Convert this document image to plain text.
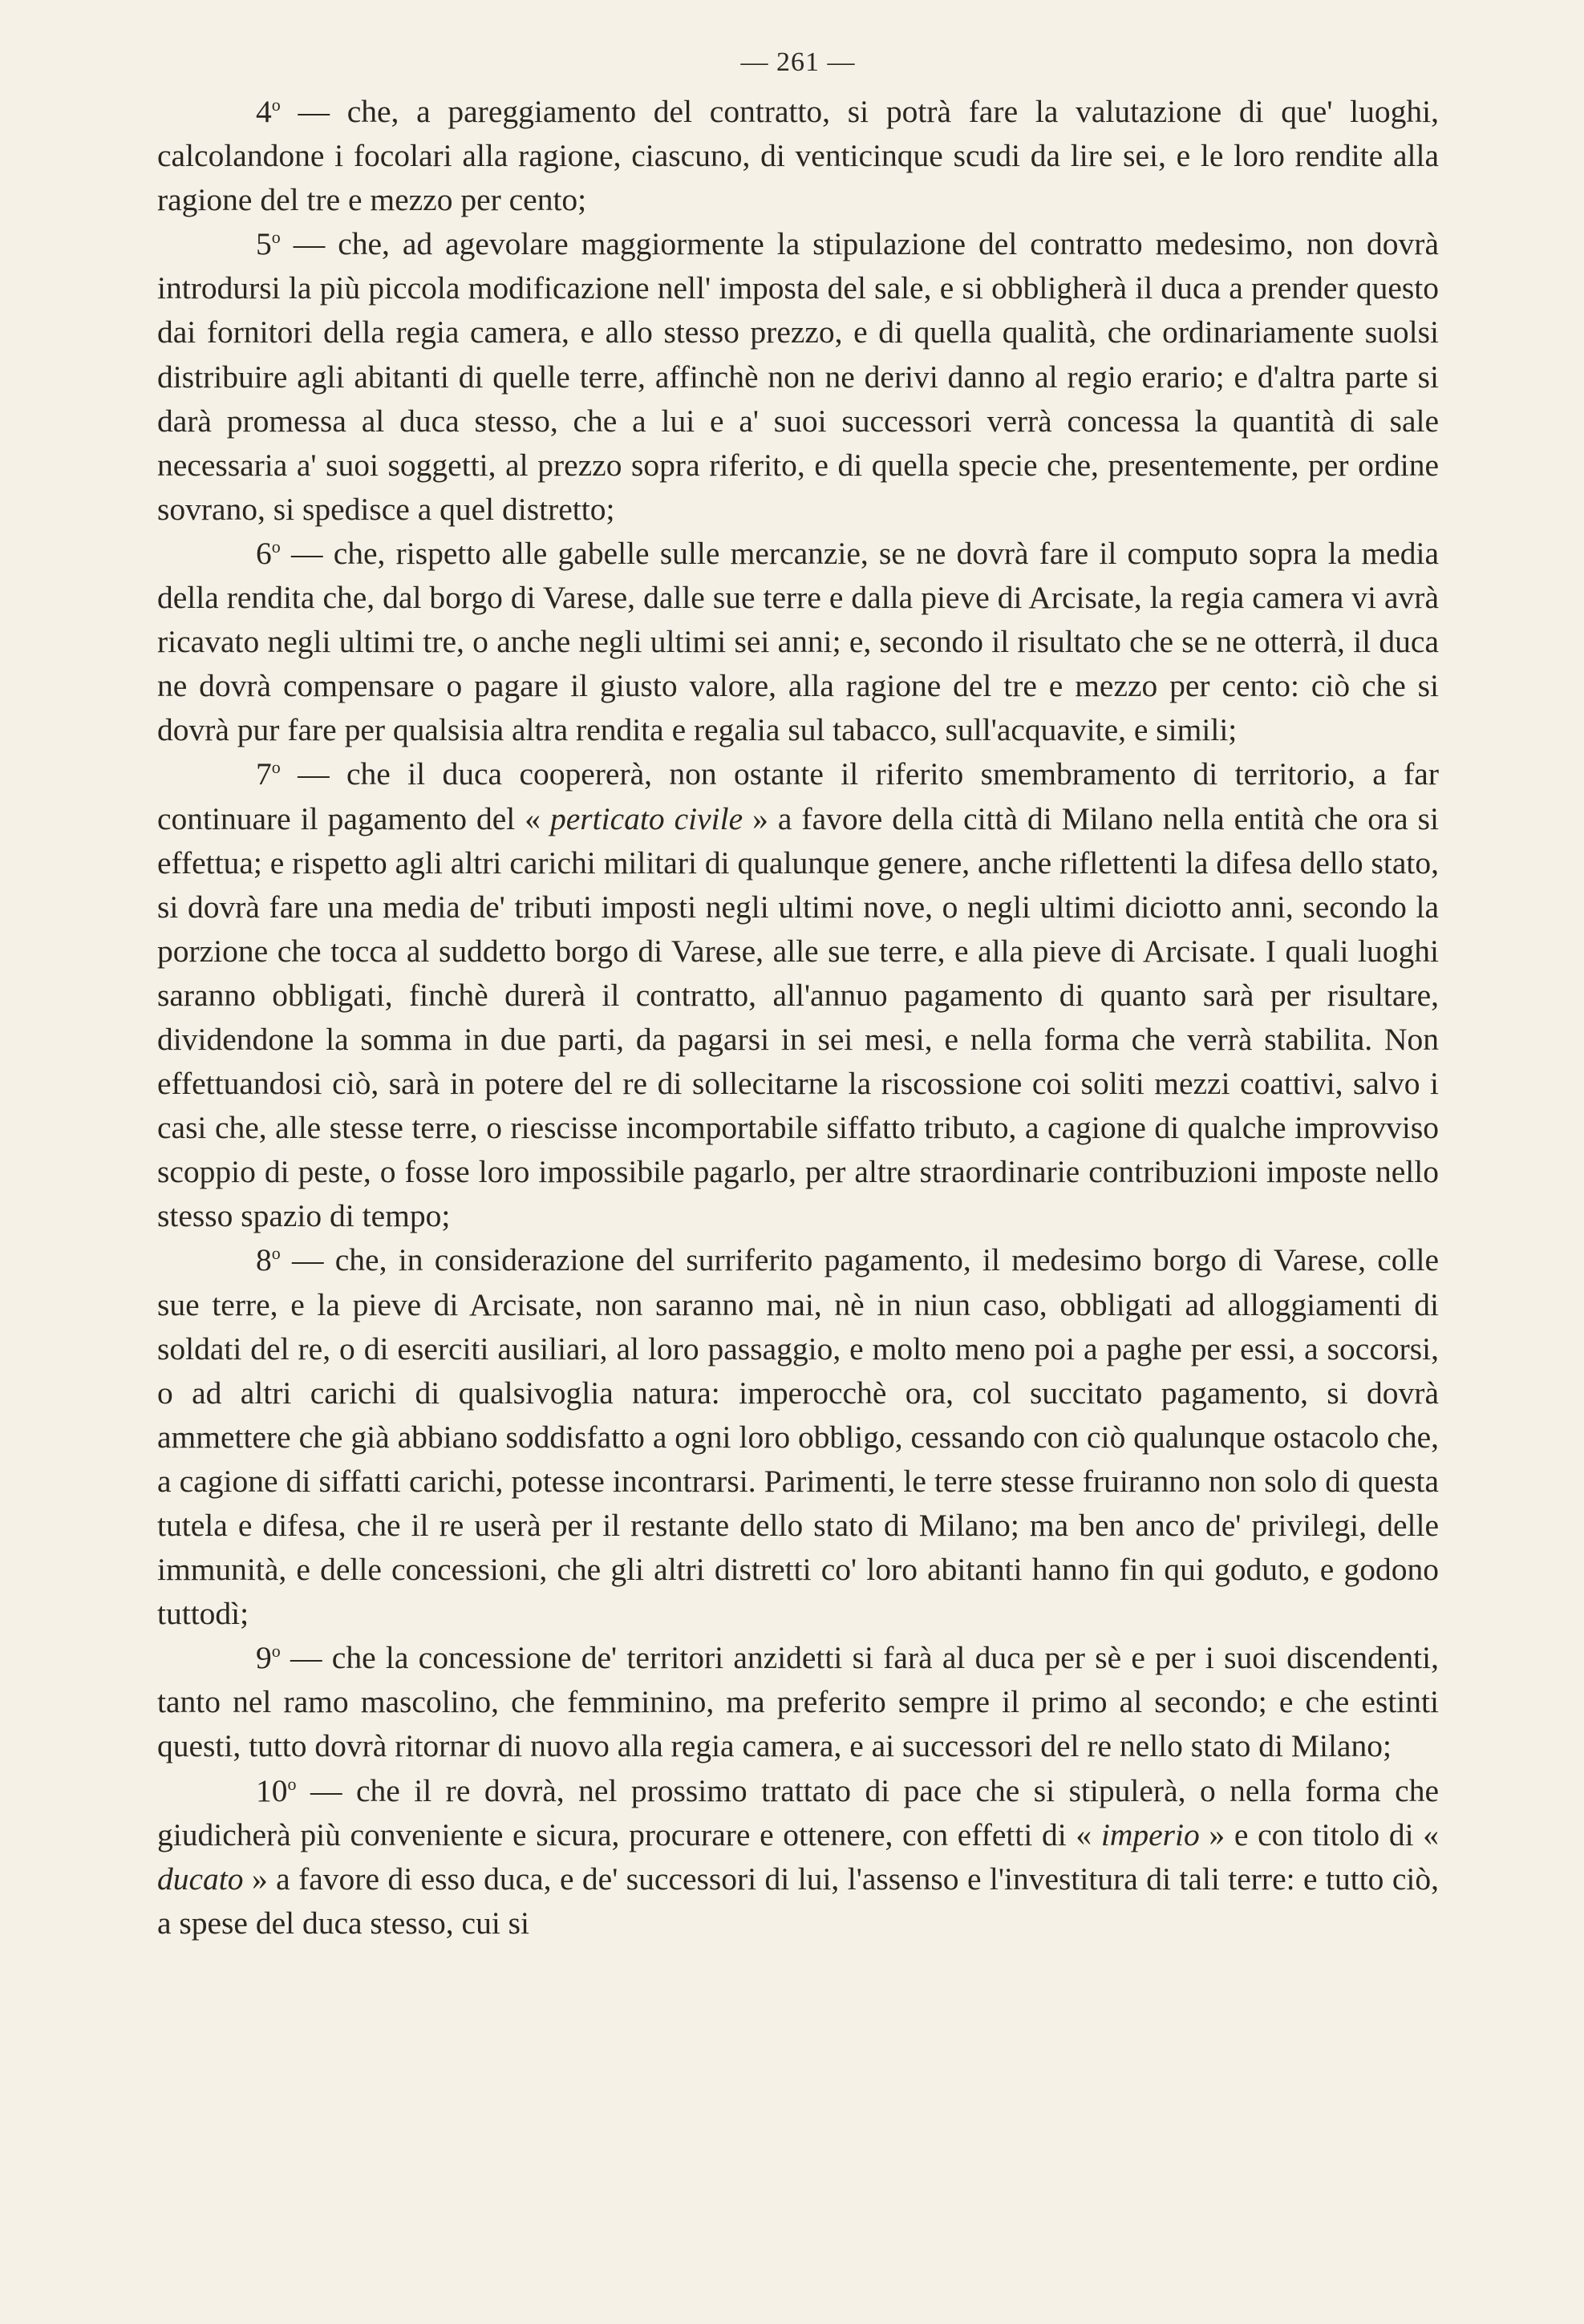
— 261 —

4$^o$ — che, a pareggiamento del contratto, si potrà fare la valutazione di que' luoghi, calcolandone i focolari alla ragione, ciascuno, di venticinque scudi da lire sei, e le loro rendite alla ragione del tre e mezzo per cento;

5$^o$ — che, ad agevolare maggiormente la stipulazione del contratto medesimo, non dovrà introdursi la più piccola modificazione nell' imposta del sale, e si obbligherà il duca a prender questo dai fornitori della regia camera, e allo stesso prezzo, e di quella qualità, che ordinariamente suolsi distribuire agli abitanti di quelle terre, affinchè non ne derivi danno al regio erario; e d'altra parte si darà promessa al duca stesso, che a lui e a' suoi successori verrà concessa la quantità di sale necessaria a' suoi soggetti, al prezzo sopra riferito, e di quella specie che, presentemente, per ordine sovrano, si spedisce a quel distretto;

6$^o$ — che, rispetto alle gabelle sulle mercanzie, se ne dovrà fare il computo sopra la media della rendita che, dal borgo di Varese, dalle sue terre e dalla pieve di Arcisate, la regia camera vi avrà ricavato negli ultimi tre, o anche negli ultimi sei anni; e, secondo il risultato che se ne otterrà, il duca ne dovrà compensare o pagare il giusto valore, alla ragione del tre e mezzo per cento: ciò che si dovrà pur fare per qualsisia altra rendita e regalia sul tabacco, sull'acquavite, e simili;

7$^o$ — che il duca coopererà, non ostante il riferito smembramento di territorio, a far continuare il pagamento del « perticato civile » a favore della città di Milano nella entità che ora si effettua; e rispetto agli altri carichi militari di qualunque genere, anche riflettenti la difesa dello stato, si dovrà fare una media de' tributi imposti negli ultimi nove, o negli ultimi diciotto anni, secondo la porzione che tocca al suddetto borgo di Varese, alle sue terre, e alla pieve di Arcisate. I quali luoghi saranno obbligati, finchè durerà il contratto, all'annuo pagamento di quanto sarà per risultare, dividendone la somma in due parti, da pagarsi in sei mesi, e nella forma che verrà stabilita. Non effettuandosi ciò, sarà in potere del re di sollecitarne la riscossione coi soliti mezzi coattivi, salvo i casi che, alle stesse terre, o riescisse incomportabile siffatto tributo, a cagione di qualche improvviso scoppio di peste, o fosse loro impossibile pagarlo, per altre straordinarie contribuzioni imposte nello stesso spazio di tempo;

8$^o$ — che, in considerazione del surriferito pagamento, il medesimo borgo di Varese, colle sue terre, e la pieve di Arcisate, non saranno mai, nè in niun caso, obbligati ad alloggiamenti di soldati del re, o di eserciti ausiliari, al loro passaggio, e molto meno poi a paghe per essi, a soccorsi, o ad altri carichi di qualsivoglia natura: imperocchè ora, col succitato pagamento, si dovrà ammettere che già abbiano soddisfatto a ogni loro obbligo, cessando con ciò qualunque ostacolo che, a cagione di siffatti carichi, potesse incontrarsi. Parimenti, le terre stesse fruiranno non solo di questa tutela e difesa, che il re userà per il restante dello stato di Milano; ma ben anco de' privilegi, delle immunità, e delle concessioni, che gli altri distretti co' loro abitanti hanno fin qui goduto, e godono tuttodì;

9$^o$ — che la concessione de' territori anzidetti si farà al duca per sè e per i suoi discendenti, tanto nel ramo mascolino, che femminino, ma preferito sempre il primo al secondo; e che estinti questi, tutto dovrà ritornar di nuovo alla regia camera, e ai successori del re nello stato di Milano;

10$^o$ — che il re dovrà, nel prossimo trattato di pace che si stipulerà, o nella forma che giudicherà più conveniente e sicura, procurare e ottenere, con effetti di « imperio » e con titolo di « ducato » a favore di esso duca, e de' successori di lui, l'assenso e l'investitura di tali terre: e tutto ciò, a spese del duca stesso, cui si
